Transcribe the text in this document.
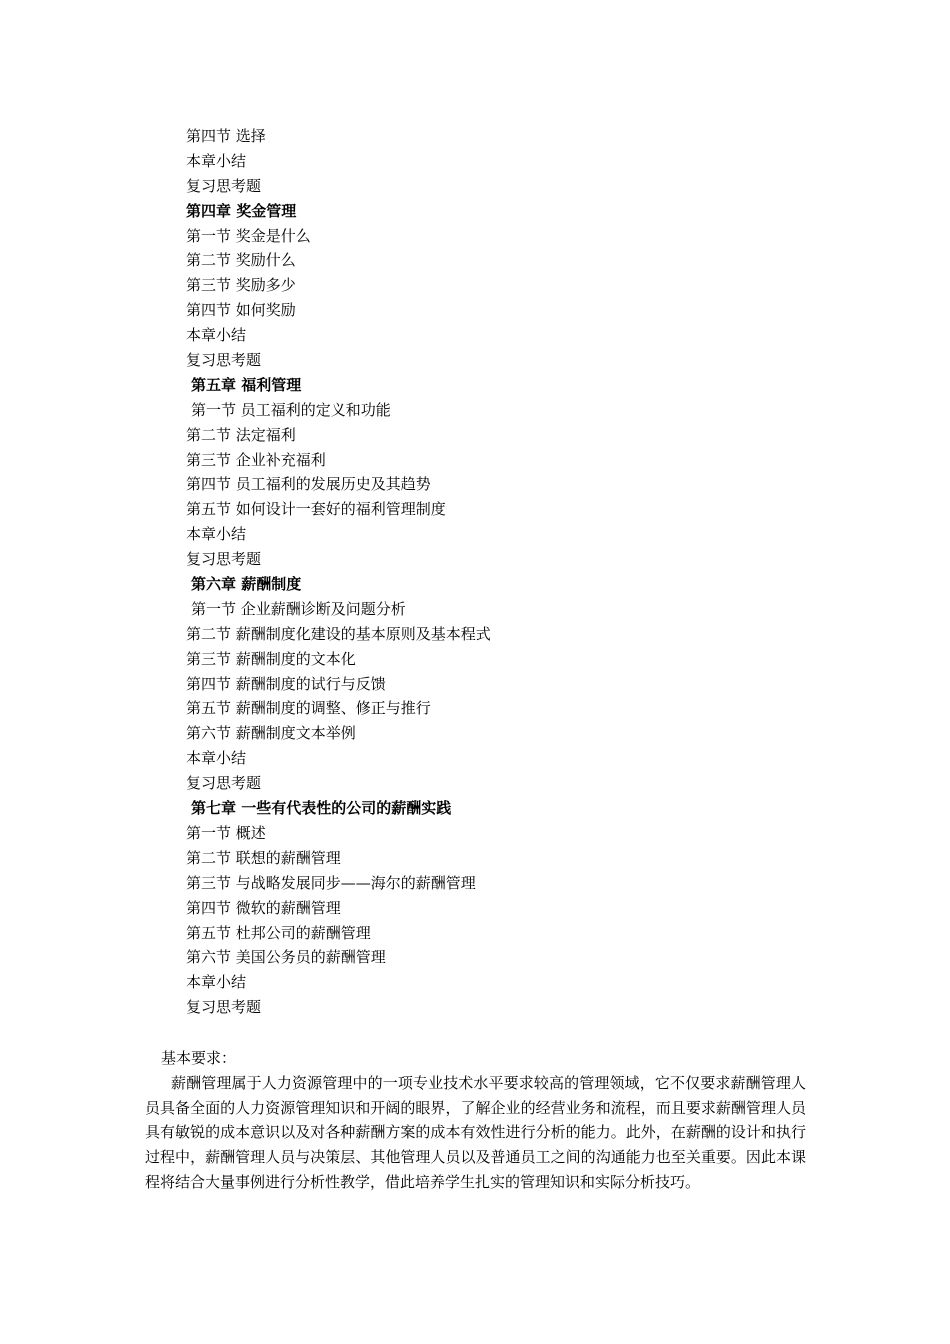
第四节 选择
本章小结
复习思考题
第四章 奖金管理
第一节 奖金是什么
第二节 奖励什么
第三节 奖励多少
第四节 如何奖励
本章小结
复习思考题
第五章 福利管理
第一节 员工福利的定义和功能
第二节 法定福利
第三节 企业补充福利
第四节 员工福利的发展历史及其趋势
第五节 如何设计一套好的福利管理制度
本章小结
复习思考题
第六章 薪酬制度
第一节 企业薪酬诊断及问题分析
第二节 薪酬制度化建设的基本原则及基本程式
第三节 薪酬制度的文本化
第四节 薪酬制度的试行与反馈
第五节 薪酬制度的调整、修正与推行
第六节 薪酬制度文本举例
本章小结
复习思考题
第七章 一些有代表性的公司的薪酬实践
第一节 概述
第二节 联想的薪酬管理
第三节 与战略发展同步——海尔的薪酬管理
第四节 微软的薪酬管理
第五节 杜邦公司的薪酬管理
第六节 美国公务员的薪酬管理
本章小结
复习思考题
基本要求：
薪酬管理属于人力资源管理中的一项专业技术水平要求较高的管理领域，它不仅要求薪酬管理人员具备全面的人力资源管理知识和开阔的眼界，了解企业的经营业务和流程，而且要求薪酬管理人员具有敏锐的成本意识以及对各种薪酬方案的成本有效性进行分析的能力。此外，在薪酬的设计和执行过程中，薪酬管理人员与决策层、其他管理人员以及普通员工之间的沟通能力也至关重要。因此本课程将结合大量事例进行分析性教学，借此培养学生扎实的管理知识和实际分析技巧。
